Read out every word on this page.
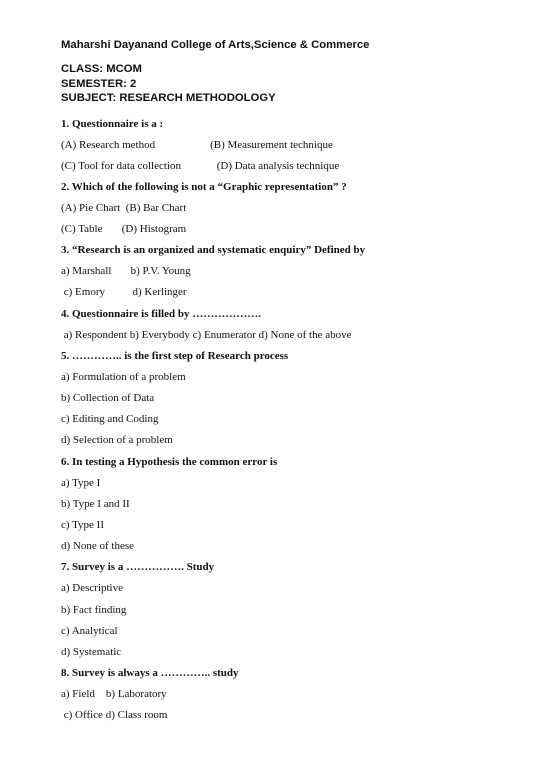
Maharshi Dayanand College of Arts,Science & Commerce
CLASS: MCOM
SEMESTER: 2
SUBJECT: RESEARCH METHODOLOGY
1. Questionnaire is a :
(A) Research method                    (B) Measurement technique
(C) Tool for data collection             (D) Data analysis technique
2. Which of the following is not a “Graphic representation” ?
(A) Pie Chart  (B) Bar Chart
(C) Table       (D) Histogram
3. “Research is an organized and systematic enquiry” Defined by
a) Marshall       b) P.V. Young
c) Emory          d) Kerlinger
4. Questionnaire is filled by ……………….
a) Respondent b) Everybody c) Enumerator d) None of the above
5. ………….. is the first step of Research process
a) Formulation of a problem
b) Collection of Data
c) Editing and Coding
d) Selection of a problem
6. In testing a Hypothesis the common error is
a) Type I
b) Type I and II
c) Type II
d) None of these
7. Survey is a ……………. Study
a) Descriptive
b) Fact finding
c) Analytical
d) Systematic
8. Survey is always a ………….. study
a) Field    b) Laboratory
c) Office d) Class room
